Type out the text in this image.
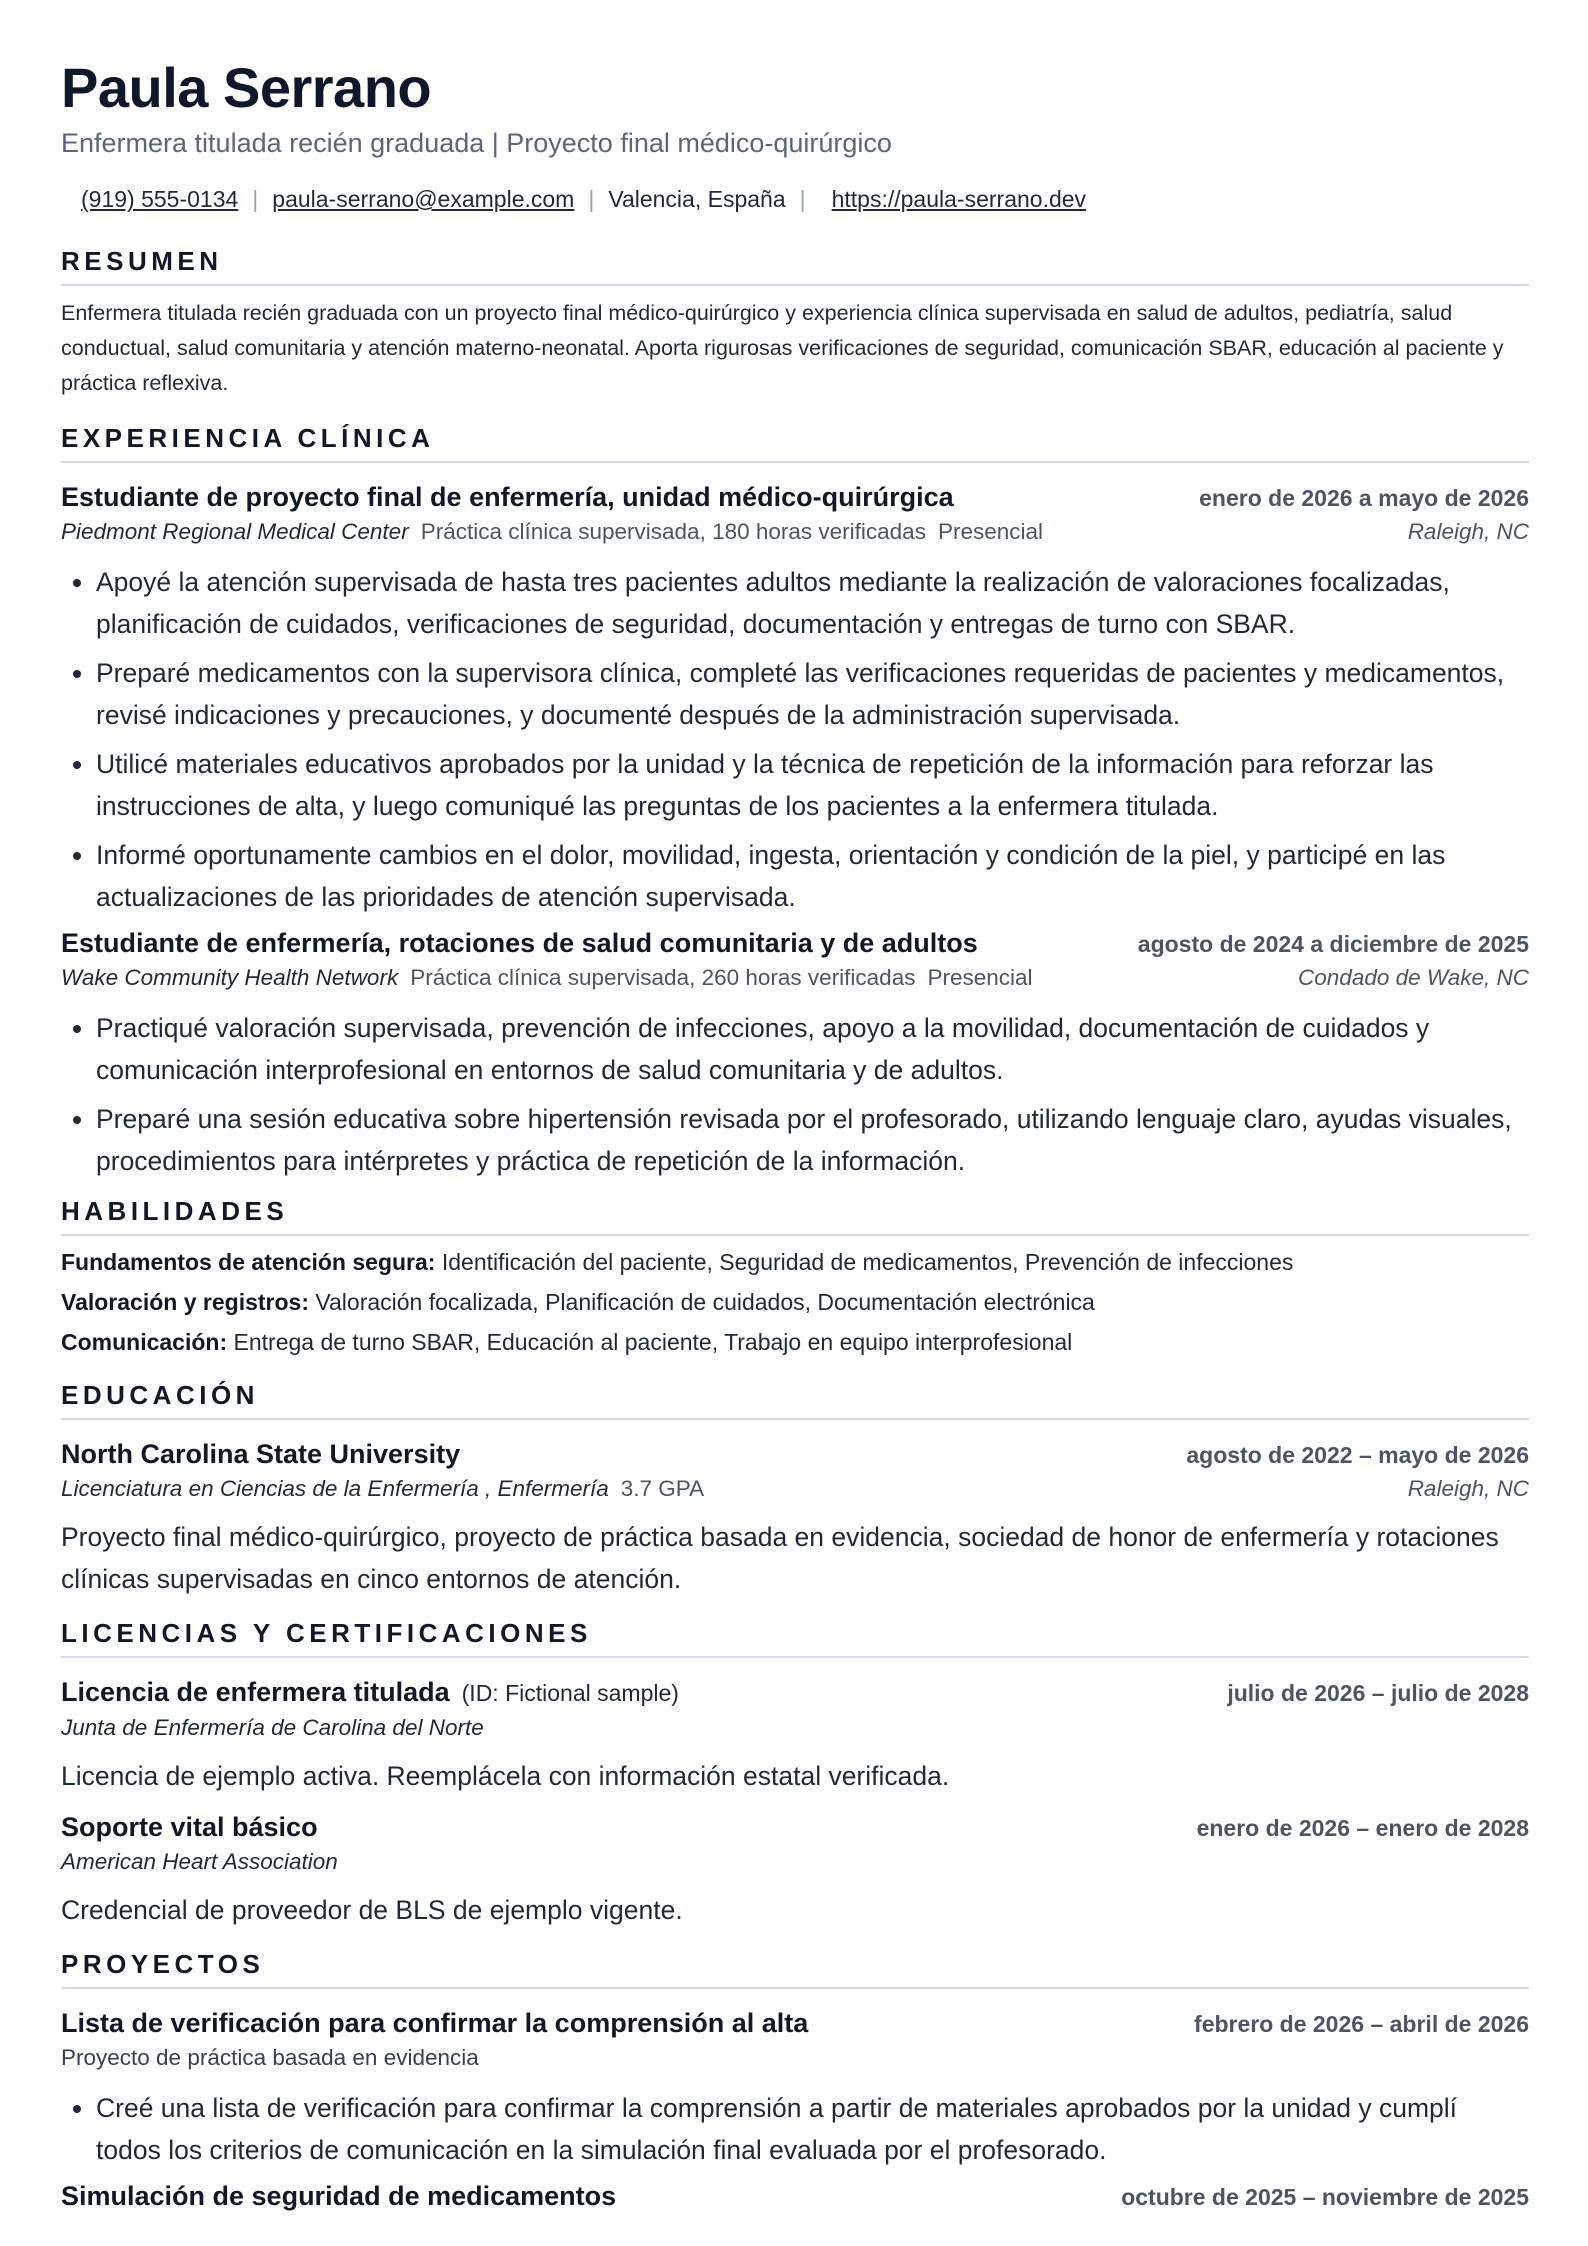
Paula Serrano
Enfermera titulada recién graduada | Proyecto final médico-quirúrgico
(919) 555-0134 | paula-serrano@example.com | Valencia, España | https://paula-serrano.dev
RESUMEN
Enfermera titulada recién graduada con un proyecto final médico-quirúrgico y experiencia clínica supervisada en salud de adultos, pediatría, salud conductual, salud comunitaria y atención materno-neonatal. Aporta rigurosas verificaciones de seguridad, comunicación SBAR, educación al paciente y práctica reflexiva.
EXPERIENCIA CLÍNICA
Estudiante de proyecto final de enfermería, unidad médico-quirúrgica	enero de 2026 a mayo de 2026
Piedmont Regional Medical Center Práctica clínica supervisada, 180 horas verificadas Presencial	Raleigh, NC
• Apoyé la atención supervisada de hasta tres pacientes adultos mediante la realización de valoraciones focalizadas, planificación de cuidados, verificaciones de seguridad, documentación y entregas de turno con SBAR.
• Preparé medicamentos con la supervisora clínica, completé las verificaciones requeridas de pacientes y medicamentos, revisé indicaciones y precauciones, y documenté después de la administración supervisada.
• Utilicé materiales educativos aprobados por la unidad y la técnica de repetición de la información para reforzar las instrucciones de alta, y luego comuniqué las preguntas de los pacientes a la enfermera titulada.
• Informé oportunamente cambios en el dolor, movilidad, ingesta, orientación y condición de la piel, y participé en las actualizaciones de las prioridades de atención supervisada.
Estudiante de enfermería, rotaciones de salud comunitaria y de adultos	agosto de 2024 a diciembre de 2025
Wake Community Health Network Práctica clínica supervisada, 260 horas verificadas Presencial	Condado de Wake, NC
• Practiqué valoración supervisada, prevención de infecciones, apoyo a la movilidad, documentación de cuidados y comunicación interprofesional en entornos de salud comunitaria y de adultos.
• Preparé una sesión educativa sobre hipertensión revisada por el profesorado, utilizando lenguaje claro, ayudas visuales, procedimientos para intérpretes y práctica de repetición de la información.
HABILIDADES
Fundamentos de atención segura: Identificación del paciente, Seguridad de medicamentos, Prevención de infecciones
Valoración y registros: Valoración focalizada, Planificación de cuidados, Documentación electrónica
Comunicación: Entrega de turno SBAR, Educación al paciente, Trabajo en equipo interprofesional
EDUCACIÓN
North Carolina State University	agosto de 2022 – mayo de 2026
Licenciatura en Ciencias de la Enfermería , Enfermería 3.7 GPA	Raleigh, NC
Proyecto final médico-quirúrgico, proyecto de práctica basada en evidencia, sociedad de honor de enfermería y rotaciones clínicas supervisadas en cinco entornos de atención.
LICENCIAS Y CERTIFICACIONES
Licencia de enfermera titulada (ID: Fictional sample)	julio de 2026 – julio de 2028
Junta de Enfermería de Carolina del Norte
Licencia de ejemplo activa. Reemplácela con información estatal verificada.
Soporte vital básico	enero de 2026 – enero de 2028
American Heart Association
Credencial de proveedor de BLS de ejemplo vigente.
PROYECTOS
Lista de verificación para confirmar la comprensión al alta	febrero de 2026 – abril de 2026
Proyecto de práctica basada en evidencia
• Creé una lista de verificación para confirmar la comprensión a partir de materiales aprobados por la unidad y cumplí todos los criterios de comunicación en la simulación final evaluada por el profesorado.
Simulación de seguridad de medicamentos	octubre de 2025 – noviembre de 2025
